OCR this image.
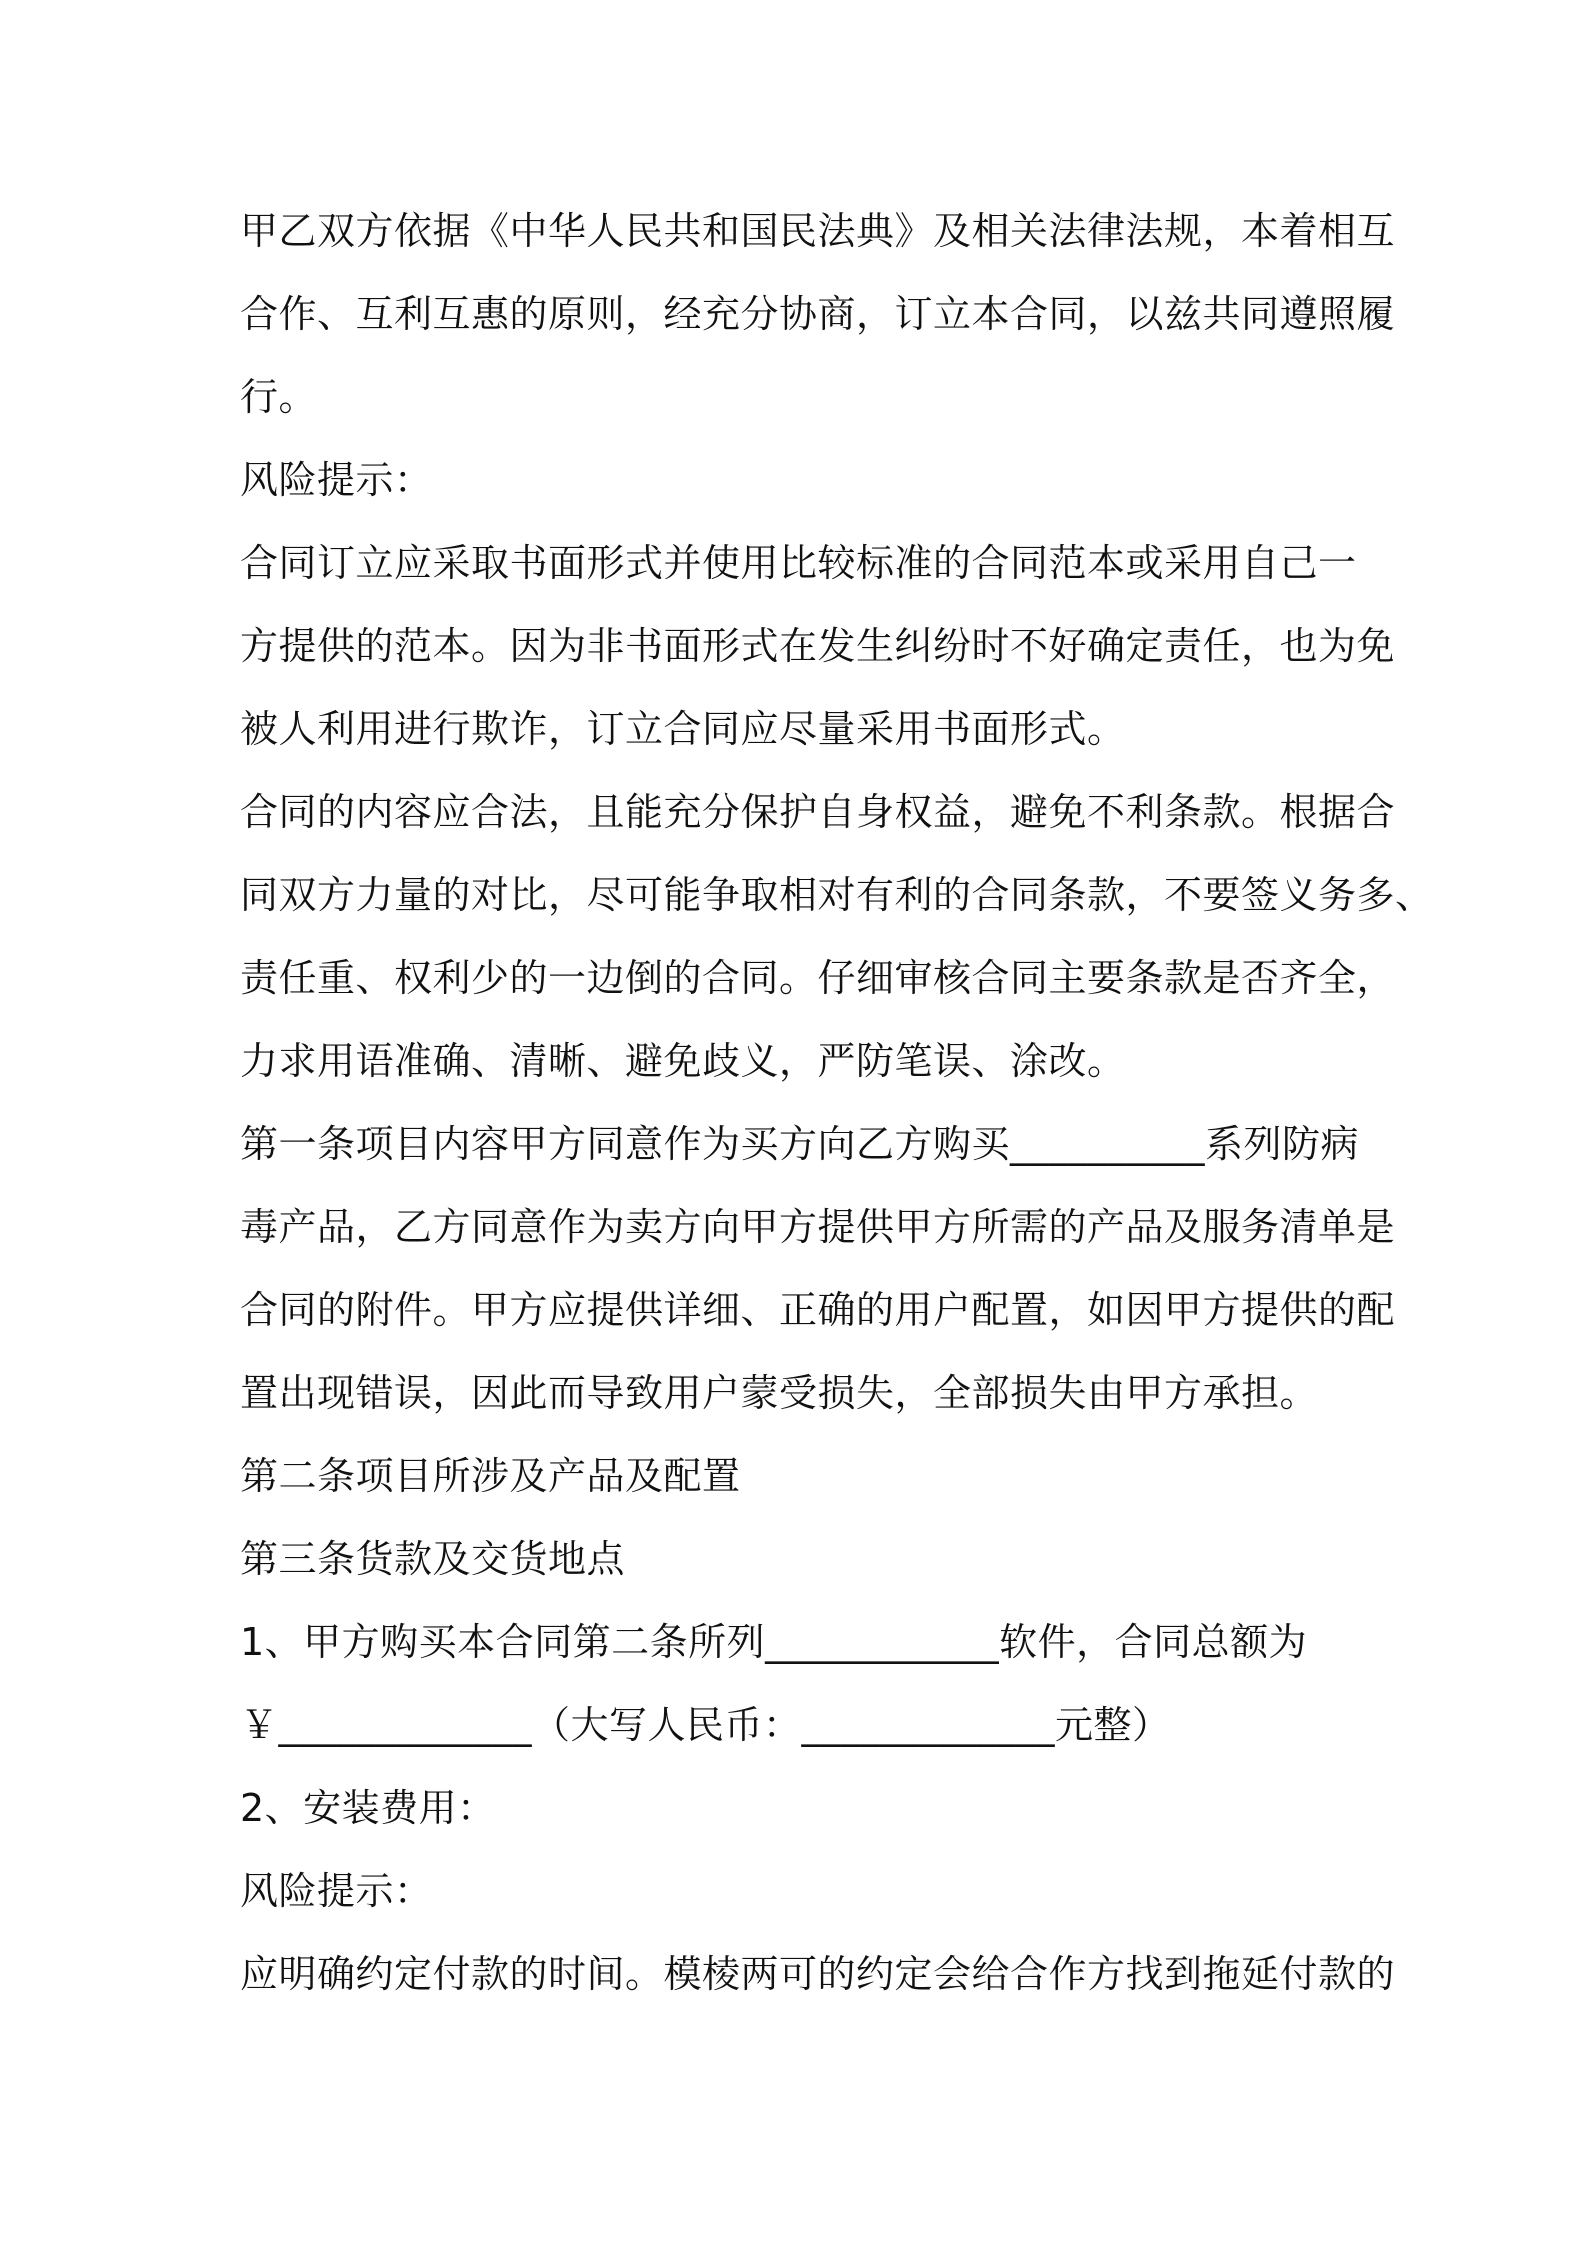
甲乙双方依据《中华人民共和国民法典》及相关法律法规，本着相互
合作、互利互惠的原则，经充分协商，订立本合同，以兹共同遵照履
行。
风险提示：
合同订立应采取书面形式并使用比较标准的合同范本或采用自己一
方提供的范本。因为非书面形式在发生纠纷时不好确定责任，也为免
被人利用进行欺诈，订立合同应尽量采用书面形式。
合同的内容应合法，且能充分保护自身权益，避免不利条款。根据合
同双方力量的对比，尽可能争取相对有利的合同条款，不要签义务多、
责任重、权利少的一边倒的合同。仔细审核合同主要条款是否齐全，
力求用语准确、清晰、避免歧义，严防笔误、涂改。
第一条项目内容甲方同意作为买方向乙方购买__________系列防病
毒产品，乙方同意作为卖方向甲方提供甲方所需的产品及服务清单是
合同的附件。甲方应提供详细、正确的用户配置，如因甲方提供的配
置出现错误，因此而导致用户蒙受损失，全部损失由甲方承担。
第二条项目所涉及产品及配置
第三条货款及交货地点
1、甲方购买本合同第二条所列____________软件，合同总额为
￥_____________（大写人民币：_____________元整）
2、安装费用：
风险提示：
应明确约定付款的时间。模棱两可的约定会给合作方找到拖延付款的
